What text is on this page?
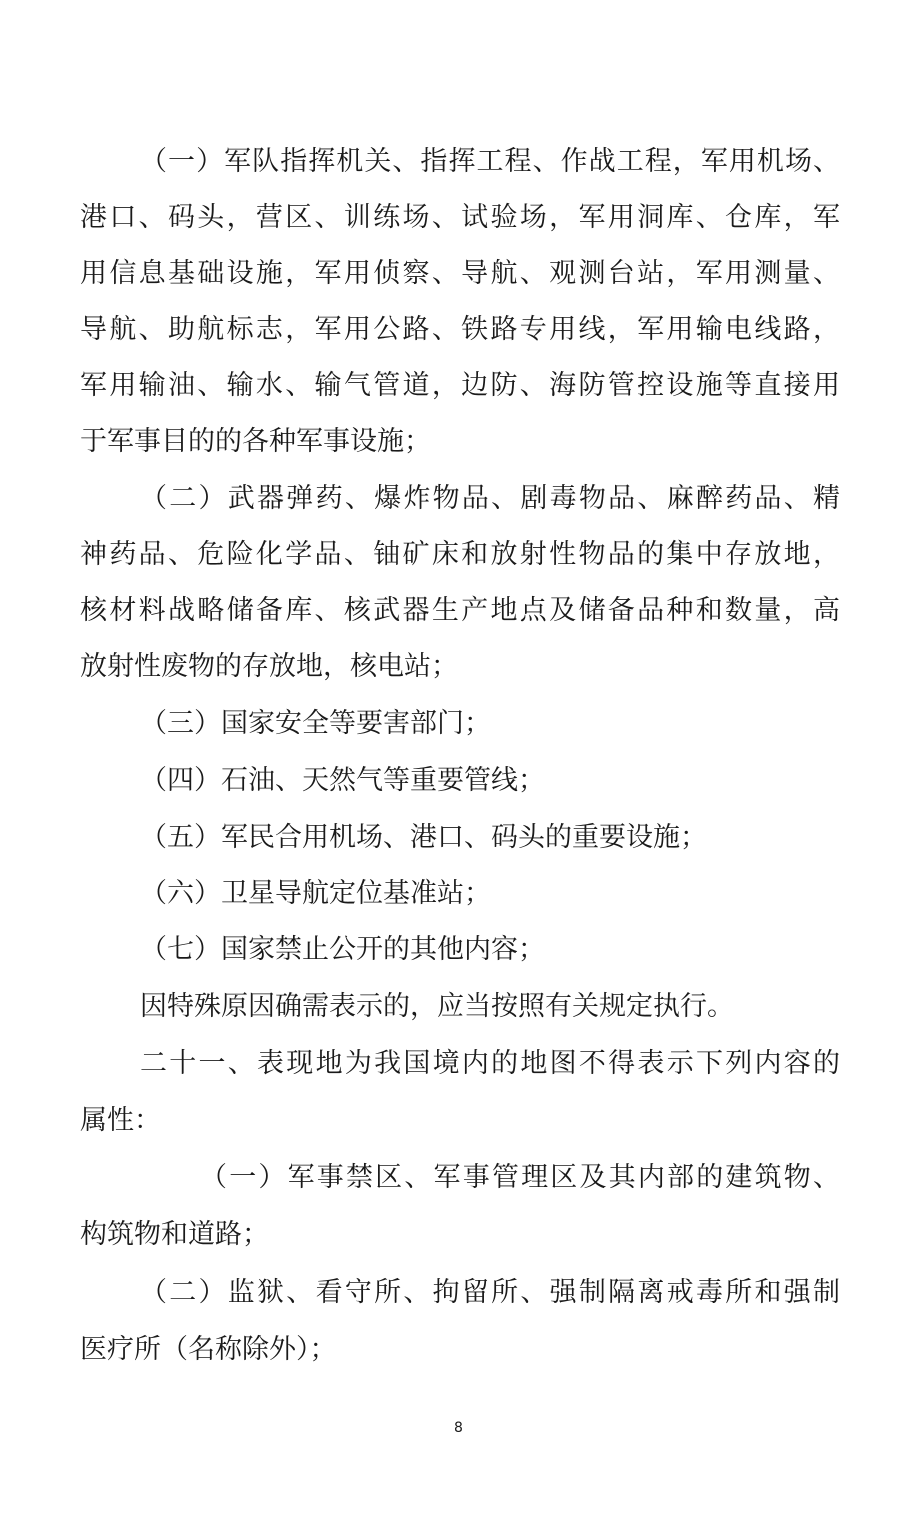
（一）军队指挥机关、指挥工程、作战工程，军用机场、
港口、码头，营区、训练场、试验场，军用洞库、仓库，军
用信息基础设施，军用侦察、导航、观测台站，军用测量、
导航、助航标志，军用公路、铁路专用线，军用输电线路，
军用输油、输水、输气管道，边防、海防管控设施等直接用
于军事目的的各种军事设施；
（二）武器弹药、爆炸物品、剧毒物品、麻醉药品、精
神药品、危险化学品、铀矿床和放射性物品的集中存放地，
核材料战略储备库、核武器生产地点及储备品种和数量，高
放射性废物的存放地，核电站；
（三）国家安全等要害部门；
（四）石油、天然气等重要管线；
（五）军民合用机场、港口、码头的重要设施；
（六）卫星导航定位基准站；
（七）国家禁止公开的其他内容；
因特殊原因确需表示的，应当按照有关规定执行。
二十一、表现地为我国境内的地图不得表示下列内容的
属性：
（一）军事禁区、军事管理区及其内部的建筑物、
构筑物和道路；
（二）监狱、看守所、拘留所、强制隔离戒毒所和强制
医疗所（名称除外）；
8
